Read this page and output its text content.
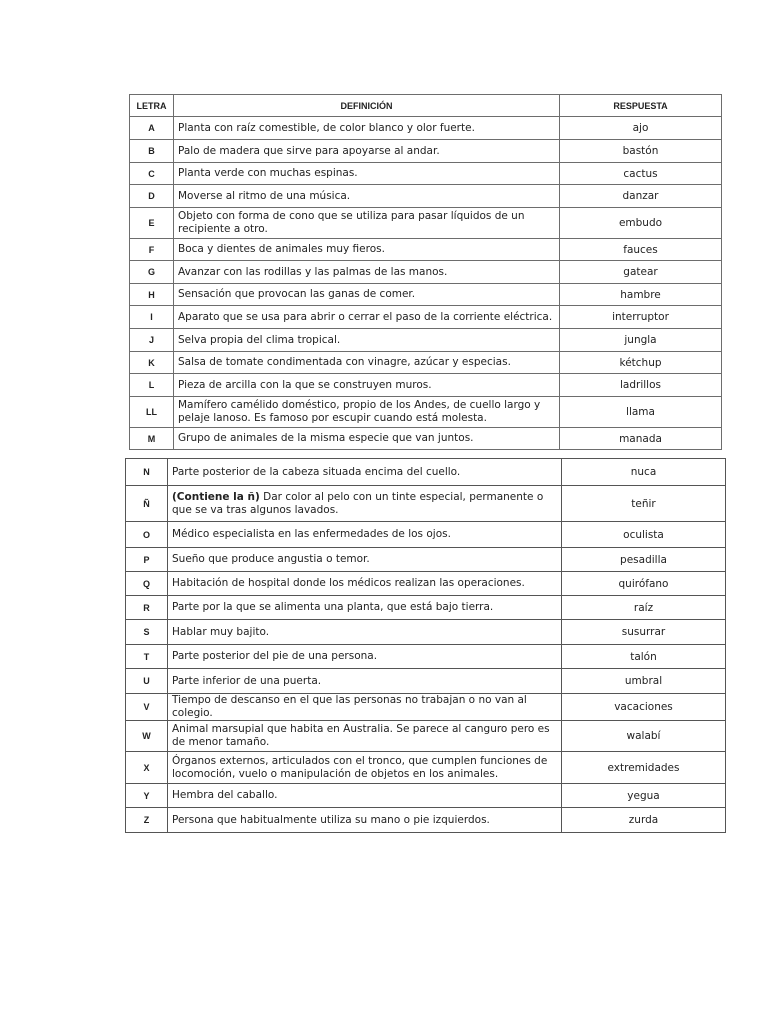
LETRA	DEFINICIÓN	RESPUESTA
A	Planta con raíz comestible, de color blanco y olor fuerte.	ajo
B	Palo de madera que sirve para apoyarse al andar.	bastón
C	Planta verde con muchas espinas.	cactus
D	Moverse al ritmo de una música.	danzar
E	Objeto con forma de cono que se utiliza para pasar líquidos de un recipiente a otro.	embudo
F	Boca y dientes de animales muy fieros.	fauces
G	Avanzar con las rodillas y las palmas de las manos.	gatear
H	Sensación que provocan las ganas de comer.	hambre
I	Aparato que se usa para abrir o cerrar el paso de la corriente eléctrica.	interruptor
J	Selva propia del clima tropical.	jungla
K	Salsa de tomate condimentada con vinagre, azúcar y especias.	kétchup
L	Pieza de arcilla con la que se construyen muros.	ladrillos
LL	Mamífero camélido doméstico, propio de los Andes, de cuello largo y pelaje lanoso. Es famoso por escupir cuando está molesta.	llama
M	Grupo de animales de la misma especie que van juntos.	manada
N	Parte posterior de la cabeza situada encima del cuello.	nuca
Ñ	(Contiene la ñ) Dar color al pelo con un tinte especial, permanente o que se va tras algunos lavados.	teñir
O	Médico especialista en las enfermedades de los ojos.	oculista
P	Sueño que produce angustia o temor.	pesadilla
Q	Habitación de hospital donde los médicos realizan las operaciones.	quirófano
R	Parte por la que se alimenta una planta, que está bajo tierra.	raíz
S	Hablar muy bajito.	susurrar
T	Parte posterior del pie de una persona.	talón
U	Parte inferior de una puerta.	umbral
V	Tiempo de descanso en el que las personas no trabajan o no van al colegio.	vacaciones
W	Animal marsupial que habita en Australia. Se parece al canguro pero es de menor tamaño.	walabí
X	Órganos externos, articulados con el tronco, que cumplen funciones de locomoción, vuelo o manipulación de objetos en los animales.	extremidades
Y	Hembra del caballo.	yegua
Z	Persona que habitualmente utiliza su mano o pie izquierdos.	zurda
